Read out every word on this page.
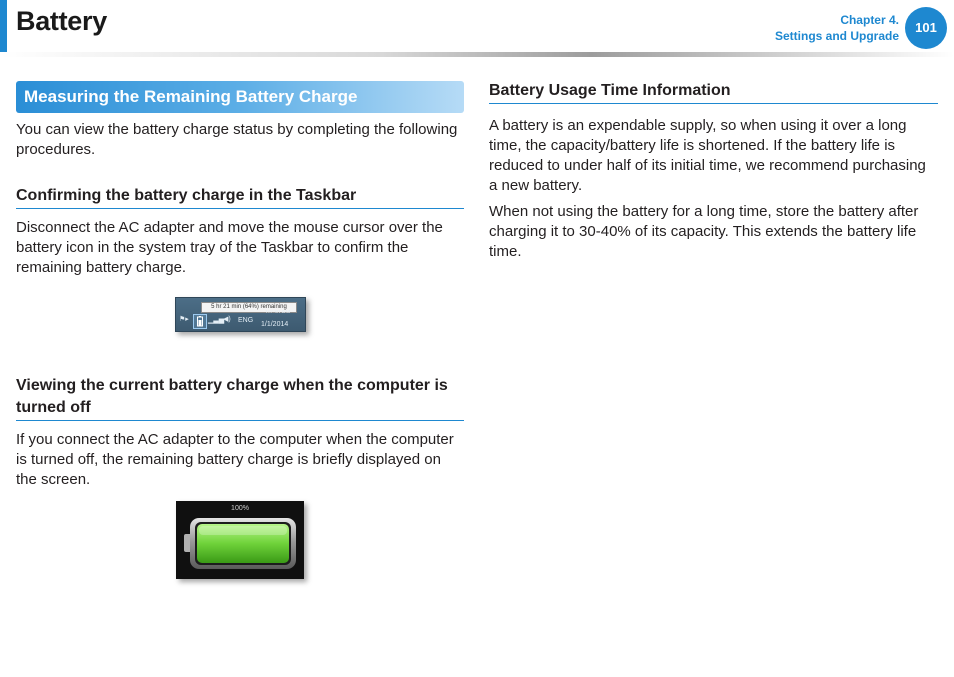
Battery	Chapter 4.
Settings and Upgrade
101
Measuring the Remaining Battery Charge

You can view the battery charge status by completing the following procedures.

Confirming the battery charge in the Taskbar

Disconnect the AC adapter and move the mouse cursor over the battery icon in the system tray of the Taskbar to confirm the remaining battery charge.

5 hr 21 min (64%) remaining
⚑▸	▁▃▅
◀) ENG
10:30 AM
1/1/2014
Viewing the current battery charge when the computer is turned off

If you connect the AC adapter to the computer when the computer is turned off, the remaining battery charge is briefly displayed on the screen.

100%
Battery Usage Time Information

A battery is an expendable supply, so when using it over a long time, the capacity/battery life is shortened. If the battery life is reduced to under half of its initial time, we recommend purchasing a new battery.

When not using the battery for a long time, store the battery after charging it to 30-40% of its capacity. This extends the battery life time.
